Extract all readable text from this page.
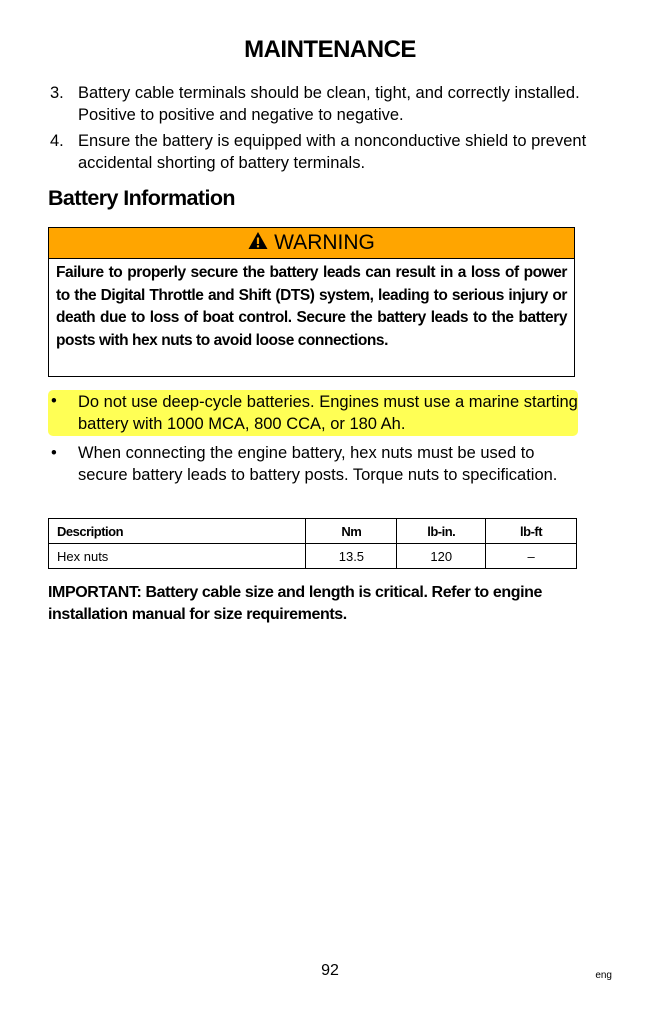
MAINTENANCE
3. Battery cable terminals should be clean, tight, and correctly installed. Positive to positive and negative to negative.
4. Ensure the battery is equipped with a nonconductive shield to prevent accidental shorting of battery terminals.
Battery Information
WARNING
Failure to properly secure the battery leads can result in a loss of power to the Digital Throttle and Shift (DTS) system, leading to serious injury or death due to loss of boat control. Secure the battery leads to the battery posts with hex nuts to avoid loose connections.
• Do not use deep-cycle batteries. Engines must use a marine starting battery with 1000 MCA, 800 CCA, or 180 Ah.
• When connecting the engine battery, hex nuts must be used to secure battery leads to battery posts. Torque nuts to specification.
Description	Nm	lb-in.	lb-ft
Hex nuts	13.5	120	–
IMPORTANT: Battery cable size and length is critical. Refer to engine installation manual for size requirements.
92	eng
